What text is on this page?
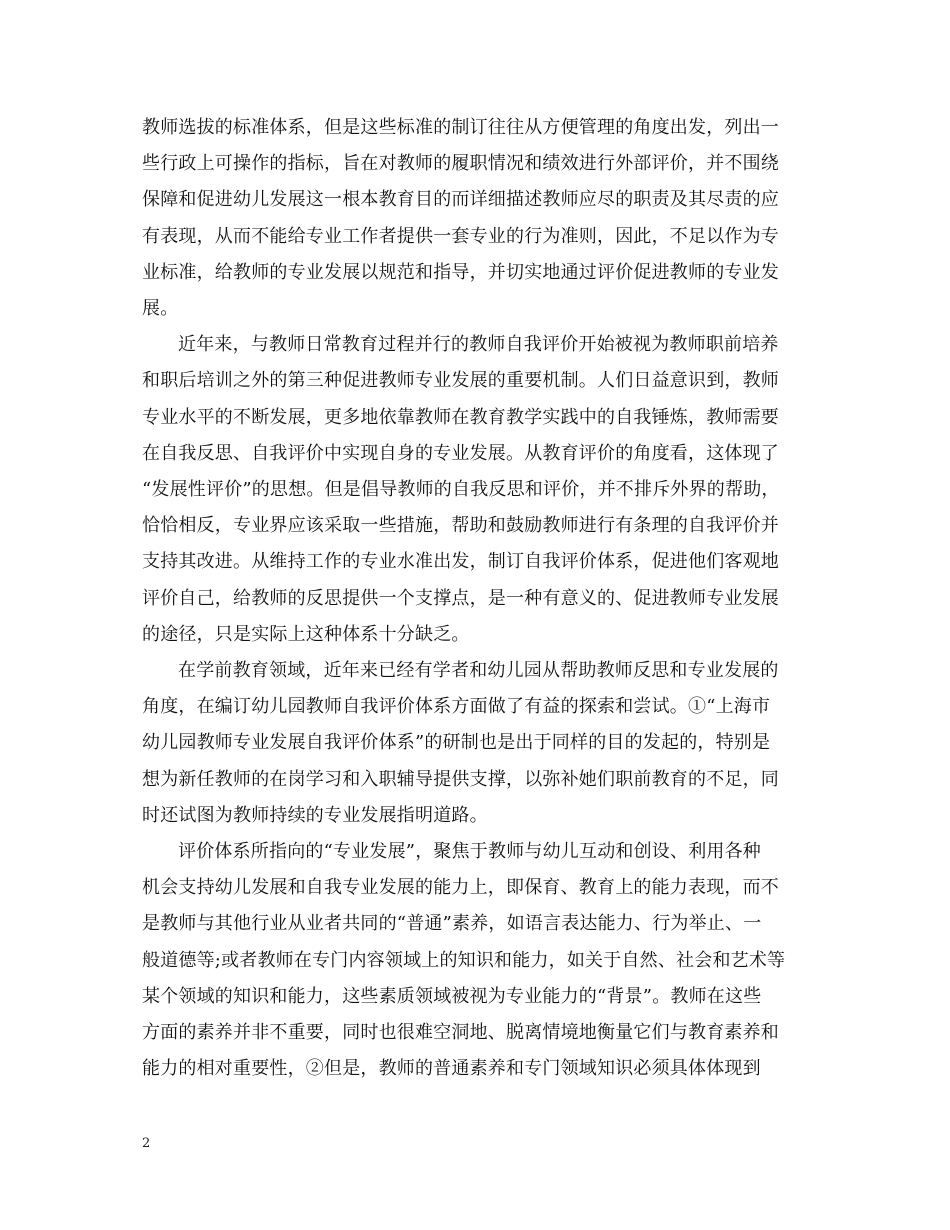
教师选拔的标准体系，但是这些标准的制订往往从方便管理的角度出发，列出一
些行政上可操作的指标，旨在对教师的履职情况和绩效进行外部评价，并不围绕
保障和促进幼儿发展这一根本教育目的而详细描述教师应尽的职责及其尽责的应
有表现，从而不能给专业工作者提供一套专业的行为准则，因此，不足以作为专
业标准，给教师的专业发展以规范和指导，并切实地通过评价促进教师的专业发
展。
近年来，与教师日常教育过程并行的教师自我评价开始被视为教师职前培养
和职后培训之外的第三种促进教师专业发展的重要机制。人们日益意识到，教师
专业水平的不断发展，更多地依靠教师在教育教学实践中的自我锤炼，教师需要
在自我反思、自我评价中实现自身的专业发展。从教育评价的角度看，这体现了
“发展性评价”的思想。但是倡导教师的自我反思和评价，并不排斥外界的帮助，
恰恰相反，专业界应该采取一些措施，帮助和鼓励教师进行有条理的自我评价并
支持其改进。从维持工作的专业水准出发，制订自我评价体系，促进他们客观地
评价自己，给教师的反思提供一个支撑点，是一种有意义的、促进教师专业发展
的途径，只是实际上这种体系十分缺乏。
在学前教育领域，近年来已经有学者和幼儿园从帮助教师反思和专业发展的
角度，在编订幼儿园教师自我评价体系方面做了有益的探索和尝试。①“上海市
幼儿园教师专业发展自我评价体系”的研制也是出于同样的目的发起的，特别是
想为新任教师的在岗学习和入职辅导提供支撑，以弥补她们职前教育的不足，同
时还试图为教师持续的专业发展指明道路。
评价体系所指向的“专业发展”，聚焦于教师与幼儿互动和创设、利用各种
机会支持幼儿发展和自我专业发展的能力上，即保育、教育上的能力表现，而不
是教师与其他行业从业者共同的“普通”素养，如语言表达能力、行为举止、一
般道德等;或者教师在专门内容领域上的知识和能力，如关于自然、社会和艺术等
某个领域的知识和能力，这些素质领域被视为专业能力的“背景”。教师在这些
方面的素养并非不重要，同时也很难空洞地、脱离情境地衡量它们与教育素养和
能力的相对重要性，②但是，教师的普通素养和专门领域知识必须具体体现到
2
